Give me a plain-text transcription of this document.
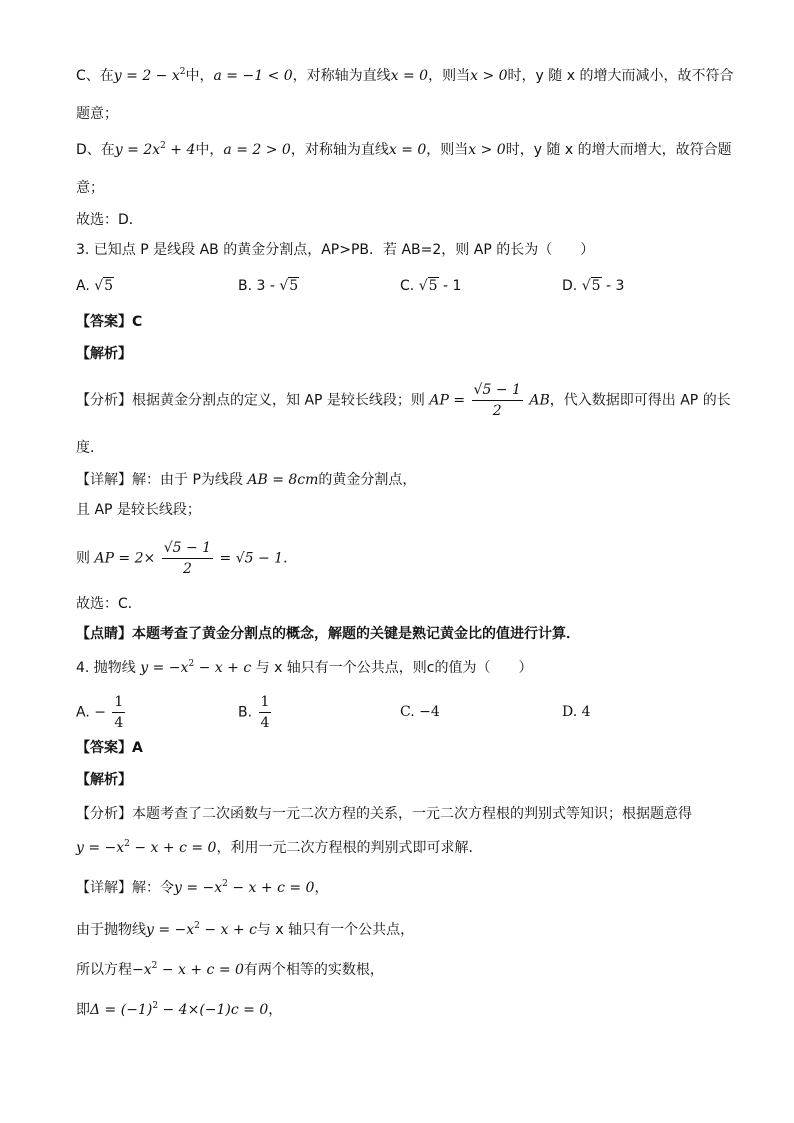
C、在$y = 2 - x^2$中，a = −1 < 0，对称轴为直线x = 0，则当x > 0时，y 随 x 的增大而减小，故不符合
题意；
D、在$y = 2x^2 + 4$中，a = 2 > 0，对称轴为直线x = 0，则当x > 0时，y 随 x 的增大而增大，故符合题
意；
故选：D．
3. 已知点 P 是线段 AB 的黄金分割点，AP>PB．若 AB=2，则 AP 的长为（　　）
A. √5	B. 3 - √5	C. √5 - 1	D. √5 - 3
【答案】C
【解析】
【分析】根据黄金分割点的定义，知 AP 是较长线段；则 AP = $\frac{√5 - 1}{2}$ AB，代入数据即可得出 AP 的长
度．
【详解】解：由于 P为线段 AB = 8cm的黄金分割点，
且 AP 是较长线段；
则 AP = $2\times \frac{√5 - 1}{2} = √5 - 1$．
故选：C．
【点睛】本题考查了黄金分割点的概念，解题的关键是熟记黄金比的值进行计算．
4. 抛物线 $y = -x^2 - x + c$ 与 x 轴只有一个公共点，则c的值为（　　）
A. − $\frac{1}{4}$	B. $\frac{1}{4}$	C. −4	D. 4
【答案】A
【解析】
【分析】本题考查了二次函数与一元二次方程的关系，一元二次方程根的判别式等知识；根据题意得
$y = -x^2 - x + c = 0$，利用一元二次方程根的判别式即可求解．
【详解】解：令$y = -x^2 - x + c = 0$，
由于抛物线$y = -x^2 - x + c$与 x 轴只有一个公共点，
所以方程$-x^2 - x + c = 0$有两个相等的实数根，
即$\Delta = (-1)^2 - 4\times(-1)c = 0$，
